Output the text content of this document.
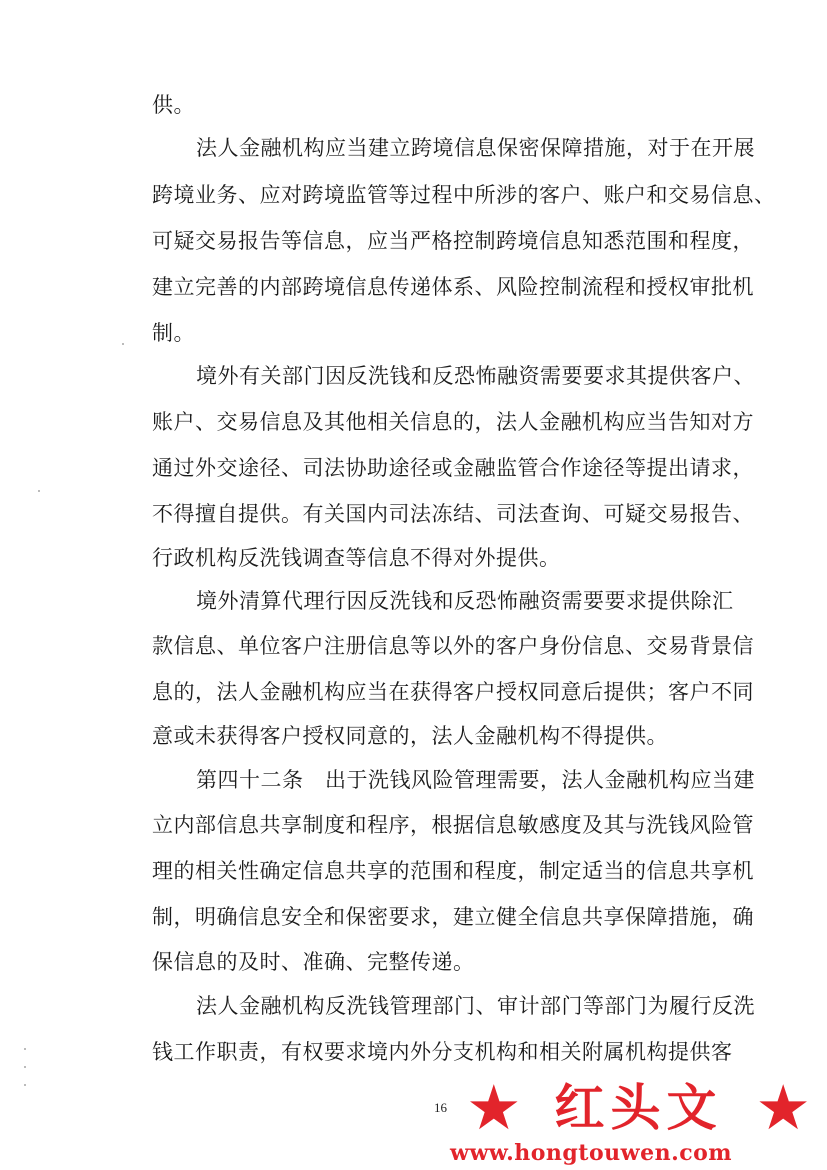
供。
法人金融机构应当建立跨境信息保密保障措施，对于在开展
跨境业务、应对跨境监管等过程中所涉的客户、账户和交易信息、
可疑交易报告等信息，应当严格控制跨境信息知悉范围和程度，
建立完善的内部跨境信息传递体系、风险控制流程和授权审批机
制。
境外有关部门因反洗钱和反恐怖融资需要要求其提供客户、
账户、交易信息及其他相关信息的，法人金融机构应当告知对方
通过外交途径、司法协助途径或金融监管合作途径等提出请求，
不得擅自提供。有关国内司法冻结、司法查询、可疑交易报告、
行政机构反洗钱调查等信息不得对外提供。
境外清算代理行因反洗钱和反恐怖融资需要要求提供除汇
款信息、单位客户注册信息等以外的客户身份信息、交易背景信
息的，法人金融机构应当在获得客户授权同意后提供；客户不同
意或未获得客户授权同意的，法人金融机构不得提供。
第四十二条　出于洗钱风险管理需要，法人金融机构应当建
立内部信息共享制度和程序，根据信息敏感度及其与洗钱风险管
理的相关性确定信息共享的范围和程度，制定适当的信息共享机
制，明确信息安全和保密要求，建立健全信息共享保障措施，确
保信息的及时、准确、完整传递。
法人金融机构反洗钱管理部门、审计部门等部门为履行反洗
钱工作职责，有权要求境内外分支机构和相关附属机构提供客
16 ★ 红头文 ★
www.hongtouwen.com
